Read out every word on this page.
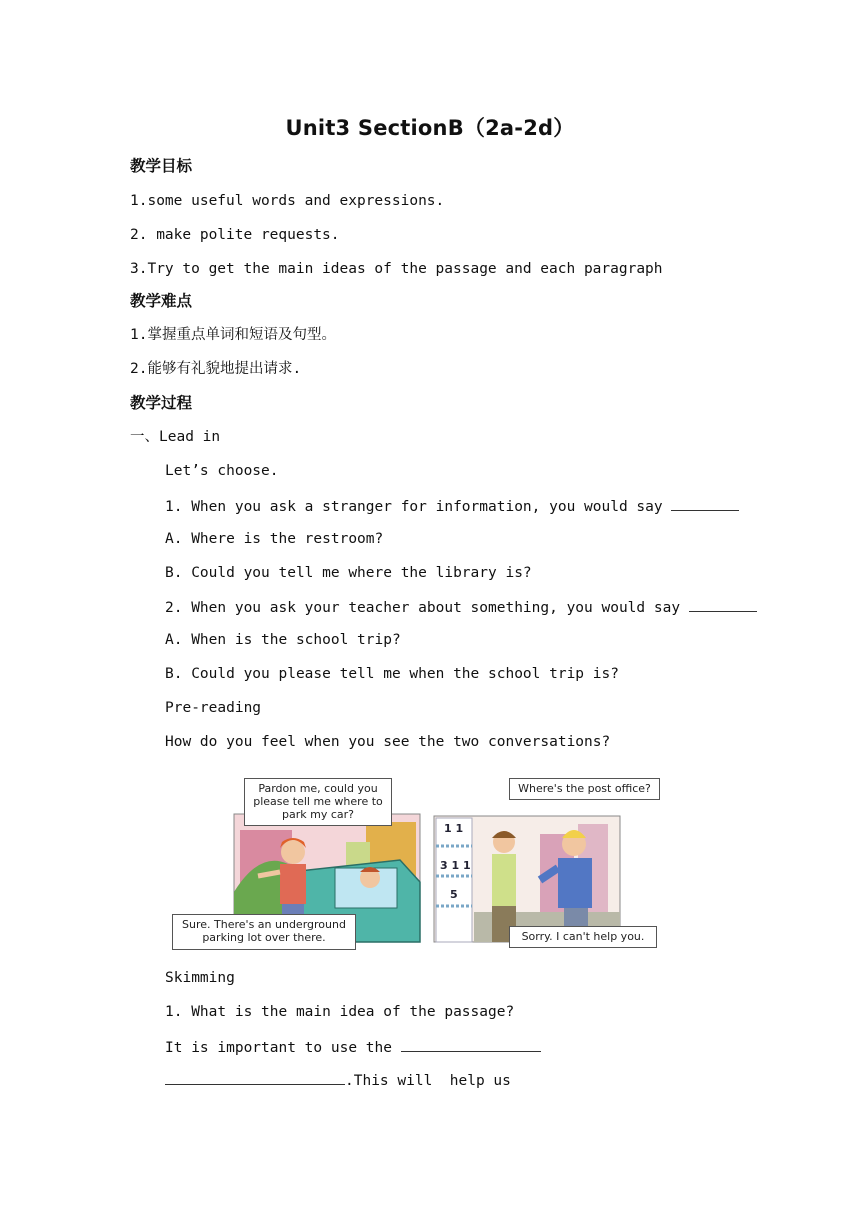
Unit3 SectionB（2a-2d）
教学目标
1.some useful words and expressions.
2. make polite requests.
3.Try to get the main ideas of the passage and each paragraph
教学难点
1.掌握重点单词和短语及句型。
2.能够有礼貌地提出请求.
教学过程
一、Lead in
Let’s choose.
1. When you ask a stranger for information, you would say
A. Where is the restroom?
B. Could you tell me where the library is?
2. When you ask your teacher about something, you would say
A. When is the school trip?
B. Could you please tell me when the school trip is?
Pre-reading
How do you feel when you see the two conversations?
1 1
3 1 1
5
Pardon me, could you please tell me where to park my car?
Sure. There's an underground parking lot over there.
Where's the post office?
Sorry. I can't help you.
Skimming
1. What is the main idea of the passage?
It is important to use the
.This will  help us
